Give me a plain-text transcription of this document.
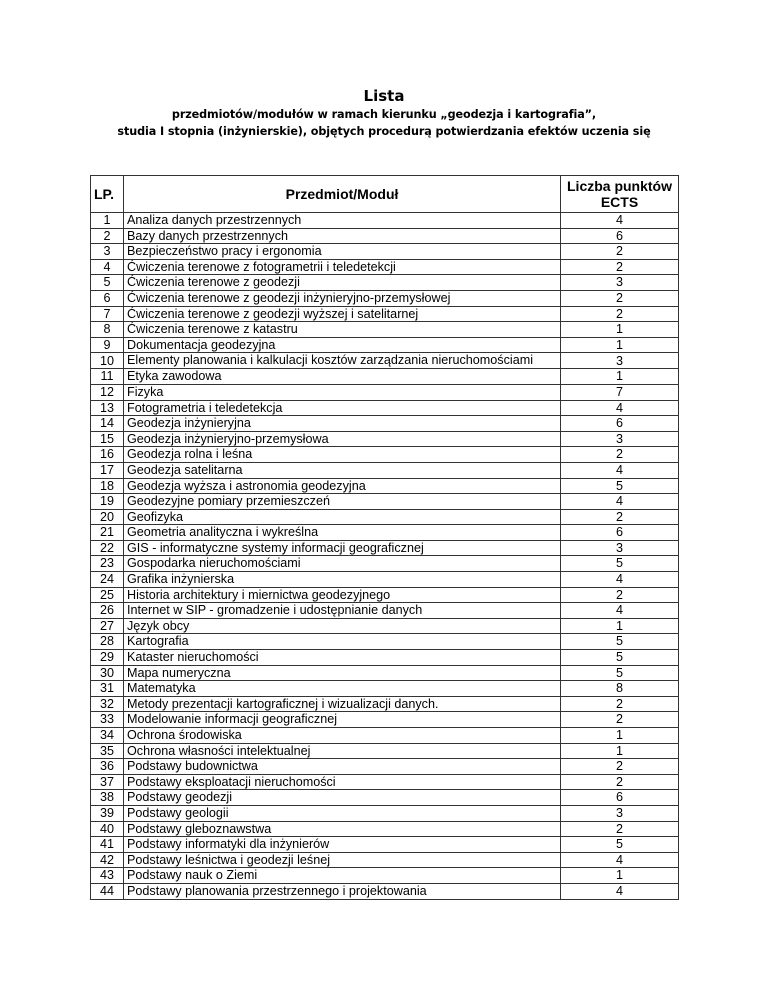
Lista
przedmiotów/modułów w ramach kierunku „geodezja i kartografia”,
studia I stopnia (inżynierskie), objętych procedurą potwierdzania efektów uczenia się
LP.	Przedmiot/Moduł	Liczba punktów ECTS
1	Analiza danych przestrzennych	4
2	Bazy danych przestrzennych	6
3	Bezpieczeństwo pracy i ergonomia	2
4	Ćwiczenia terenowe z fotogrametrii i teledetekcji	2
5	Ćwiczenia terenowe z geodezji	3
6	Ćwiczenia terenowe z geodezji inżynieryjno-przemysłowej	2
7	Ćwiczenia terenowe z geodezji wyższej i satelitarnej	2
8	Ćwiczenia terenowe z katastru	1
9	Dokumentacja geodezyjna	1
10	Elementy planowania i kalkulacji kosztów zarządzania nieruchomościami	3
11	Etyka zawodowa	1
12	Fizyka	7
13	Fotogrametria i teledetekcja	4
14	Geodezja inżynieryjna	6
15	Geodezja inżynieryjno-przemysłowa	3
16	Geodezja rolna i leśna	2
17	Geodezja satelitarna	4
18	Geodezja wyższa i astronomia geodezyjna	5
19	Geodezyjne pomiary przemieszczeń	4
20	Geofizyka	2
21	Geometria analityczna i wykreślna	6
22	GIS - informatyczne systemy informacji geograficznej	3
23	Gospodarka nieruchomościami	5
24	Grafika inżynierska	4
25	Historia architektury i miernictwa geodezyjnego	2
26	Internet w SIP - gromadzenie i udostępnianie danych	4
27	Język obcy	1
28	Kartografia	5
29	Kataster nieruchomości	5
30	Mapa numeryczna	5
31	Matematyka	8
32	Metody prezentacji kartograficznej i wizualizacji danych.	2
33	Modelowanie informacji geograficznej	2
34	Ochrona środowiska	1
35	Ochrona własności intelektualnej	1
36	Podstawy budownictwa	2
37	Podstawy eksploatacji nieruchomości	2
38	Podstawy geodezji	6
39	Podstawy geologii	3
40	Podstawy gleboznawstwa	2
41	Podstawy informatyki dla inżynierów	5
42	Podstawy leśnictwa i geodezji leśnej	4
43	Podstawy nauk o Ziemi	1
44	Podstawy planowania przestrzennego i projektowania	4
